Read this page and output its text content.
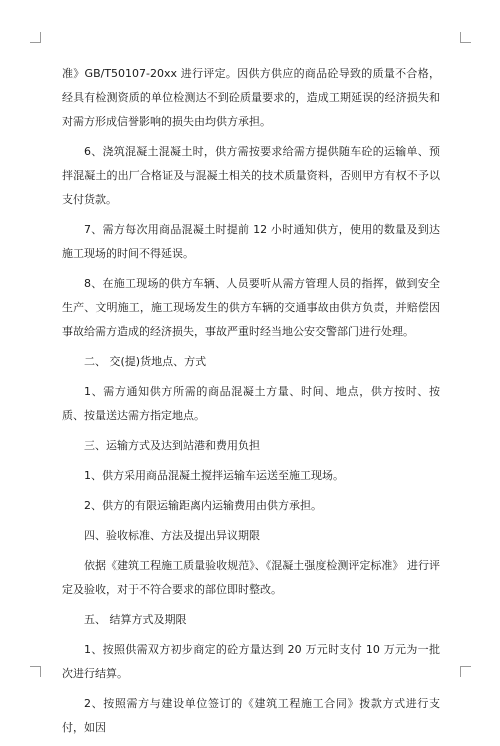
准》GB/T50107-20xx 进行评定。因供方供应的商品砼导致的质量不合格，经具有检测资质的单位检测达不到砼质量要求的，造成工期延误的经济损失和对需方形成信誉影响的损失由均供方承担。

6、浇筑混凝土混凝土时，供方需按要求给需方提供随车砼的运输单、预拌混凝土的出厂合格证及与混凝土相关的技术质量资料，否则甲方有权不予以支付货款。

7、需方每次用商品混凝土时提前 12 小时通知供方，使用的数量及到达施工现场的时间不得延误。

8、在施工现场的供方车辆、人员要听从需方管理人员的指挥，做到安全生产、文明施工，施工现场发生的供方车辆的交通事故由供方负责，并赔偿因事故给需方造成的经济损失，事故严重时经当地公安交警部门进行处理。

二、 交(提)货地点、方式

1、需方通知供方所需的商品混凝土方量、时间、地点，供方按时、按质、按量送达需方指定地点。

三、运输方式及达到站港和费用负担

1、供方采用商品混凝土搅拌运输车运送至施工现场。

2、供方的有限运输距离内运输费用由供方承担。

四、验收标准、方法及提出异议期限

依据《建筑工程施工质量验收规范》、《混凝土强度检测评定标准》 进行评定及验收，对于不符合要求的部位即时整改。

五、 结算方式及期限

1、按照供需双方初步商定的砼方量达到 20 万元时支付 10 万元为一批次进行结算。

2、按照需方与建设单位签订的《建筑工程施工合同》拨款方式进行支付，如因
